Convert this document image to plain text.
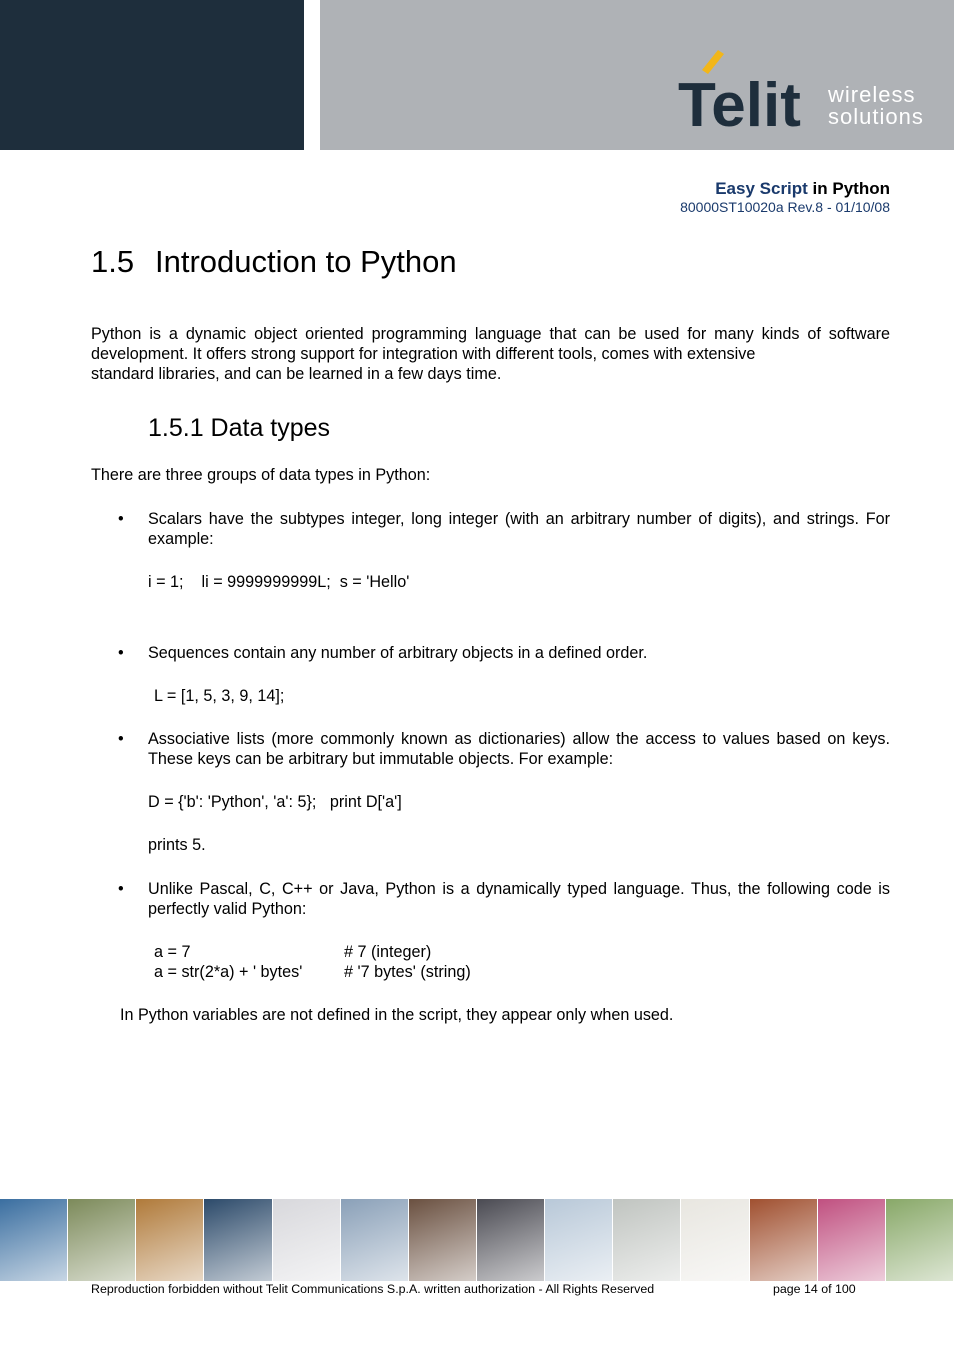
Telit wireless
solutions
Easy Script in Python
80000ST10020a Rev.8 - 01/10/08
1.5 Introduction to Python
Python is a dynamic object oriented programming language that can be used for many kinds of software development. It offers strong support for integration with different tools, comes with extensive
standard libraries, and can be learned in a few days time.
1.5.1 Data types
There are three groups of data types in Python:
• Scalars have the subtypes integer, long integer (with an arbitrary number of digits), and strings. For example:
i = 1;    li = 9999999999L;  s = 'Hello'
• Sequences contain any number of arbitrary objects in a defined order.
L = [1, 5, 3, 9, 14];
• Associative lists (more commonly known as dictionaries) allow the access to values based on keys. These keys can be arbitrary but immutable objects. For example:
D = {'b': 'Python', 'a': 5};   print D['a']
prints 5.
• Unlike Pascal, C, C++ or Java, Python is a dynamically typed language. Thus, the following code is perfectly valid Python:
a = 7	# 7 (integer)
a = str(2*a) + ' bytes'	# '7 bytes' (string)
In Python variables are not defined in the script, they appear only when used.
Reproduction forbidden without Telit Communications S.p.A. written authorization - All Rights Reserved	page 14 of 100
